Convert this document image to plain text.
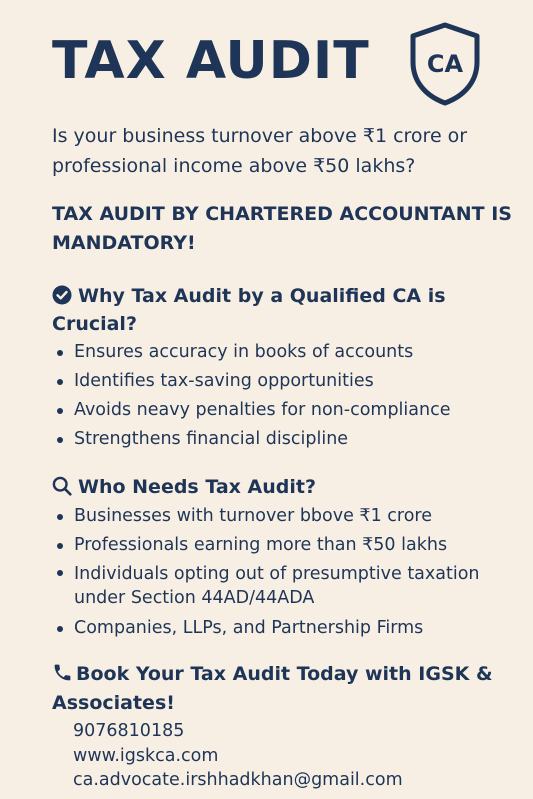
TAX AUDIT CA

Is your business turnover above ₹1 crore or professional income above ₹50 lakhs?

TAX AUDIT BY CHARTERED ACCOUNTANT IS MANDATORY!

Why Tax Audit by a Qualified CA is Crucial?
Ensures accuracy in books of accounts
Identifies tax-saving opportunities
Avoids neavy penalties for non-compliance
Strengthens financial discipline
Who Needs Tax Audit?
Businesses with turnover bbove ₹1 crore
Professionals earning more than ₹50 lakhs
Individuals opting out of presumptive taxation under Section 44AD/44ADA
Companies, LLPs, and Partnership Firms
Book Your Tax Audit Today with IGSK & Associates!
9076810185
www.igskca.com
ca.advocate.irshhadkhan@gmail.com
